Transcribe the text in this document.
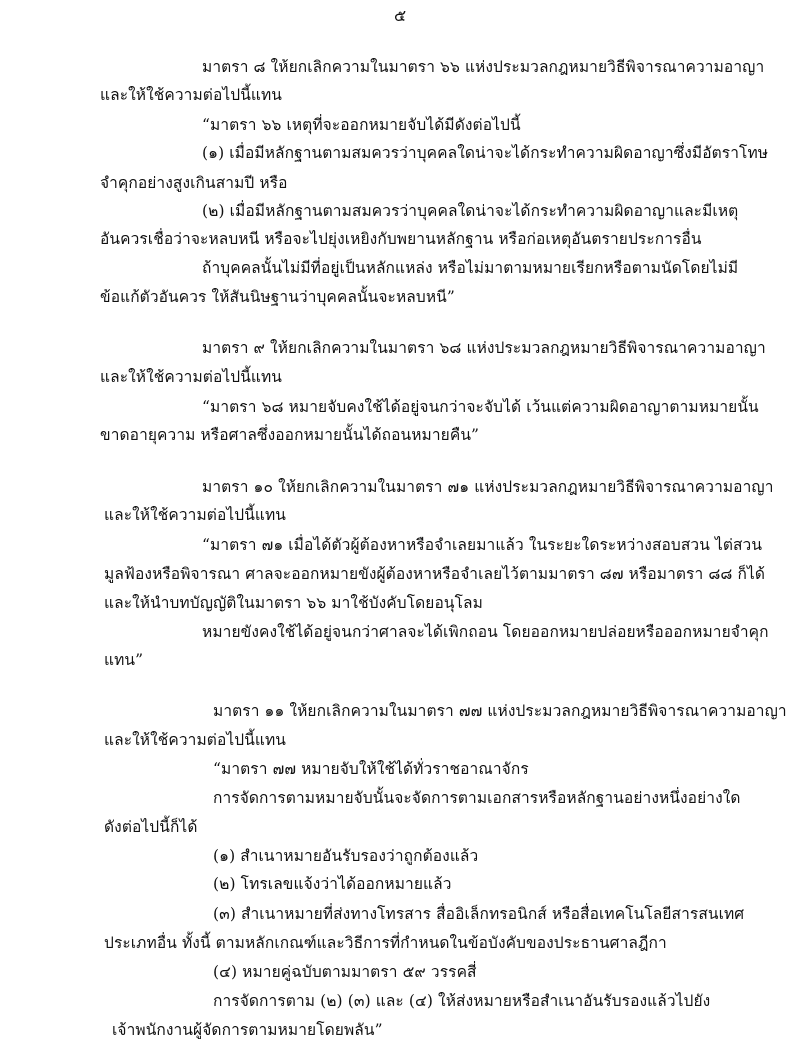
๕
มาตรา ๘ ให้ยกเลิกความในมาตรา ๖๖ แห่งประมวลกฎหมายวิธีพิจารณาความอาญา
และให้ใช้ความต่อไปนี้แทน
“มาตรา ๖๖ เหตุที่จะออกหมายจับได้มีดังต่อไปนี้
(๑) เมื่อมีหลักฐานตามสมควรว่าบุคคลใดน่าจะได้กระทำความผิดอาญาซึ่งมีอัตราโทษ
จำคุกอย่างสูงเกินสามปี หรือ
(๒) เมื่อมีหลักฐานตามสมควรว่าบุคคลใดน่าจะได้กระทำความผิดอาญาและมีเหตุ
อันควรเชื่อว่าจะหลบหนี หรือจะไปยุ่งเหยิงกับพยานหลักฐาน หรือก่อเหตุอันตรายประการอื่น
ถ้าบุคคลนั้นไม่มีที่อยู่เป็นหลักแหล่ง หรือไม่มาตามหมายเรียกหรือตามนัดโดยไม่มี
ข้อแก้ตัวอันควร ให้สันนิษฐานว่าบุคคลนั้นจะหลบหนี”
มาตรา ๙ ให้ยกเลิกความในมาตรา ๖๘ แห่งประมวลกฎหมายวิธีพิจารณาความอาญา
และให้ใช้ความต่อไปนี้แทน
“มาตรา ๖๘ หมายจับคงใช้ได้อยู่จนกว่าจะจับได้ เว้นแต่ความผิดอาญาตามหมายนั้น
ขาดอายุความ หรือศาลซึ่งออกหมายนั้นได้ถอนหมายคืน”
มาตรา ๑๐ ให้ยกเลิกความในมาตรา ๗๑ แห่งประมวลกฎหมายวิธีพิจารณาความอาญา
และให้ใช้ความต่อไปนี้แทน
“มาตรา ๗๑ เมื่อได้ตัวผู้ต้องหาหรือจำเลยมาแล้ว ในระยะใดระหว่างสอบสวน ไต่สวน
มูลฟ้องหรือพิจารณา ศาลจะออกหมายขังผู้ต้องหาหรือจำเลยไว้ตามมาตรา ๘๗ หรือมาตรา ๘๘ ก็ได้
และให้นำบทบัญญัติในมาตรา ๖๖ มาใช้บังคับโดยอนุโลม
หมายขังคงใช้ได้อยู่จนกว่าศาลจะได้เพิกถอน โดยออกหมายปล่อยหรือออกหมายจำคุก
แทน”
มาตรา ๑๑ ให้ยกเลิกความในมาตรา ๗๗ แห่งประมวลกฎหมายวิธีพิจารณาความอาญา
และให้ใช้ความต่อไปนี้แทน
“มาตรา ๗๗ หมายจับให้ใช้ได้ทั่วราชอาณาจักร
การจัดการตามหมายจับนั้นจะจัดการตามเอกสารหรือหลักฐานอย่างหนึ่งอย่างใด
ดังต่อไปนี้ก็ได้
(๑) สำเนาหมายอันรับรองว่าถูกต้องแล้ว
(๒) โทรเลขแจ้งว่าได้ออกหมายแล้ว
(๓) สำเนาหมายที่ส่งทางโทรสาร สื่ออิเล็กทรอนิกส์ หรือสื่อเทคโนโลยีสารสนเทศ
ประเภทอื่น ทั้งนี้ ตามหลักเกณฑ์และวิธีการที่กำหนดในข้อบังคับของประธานศาลฎีกา
(๔) หมายคู่ฉบับตามมาตรา ๕๙ วรรคสี่
การจัดการตาม (๒) (๓) และ (๔) ให้ส่งหมายหรือสำเนาอันรับรองแล้วไปยัง
เจ้าพนักงานผู้จัดการตามหมายโดยพลัน”
